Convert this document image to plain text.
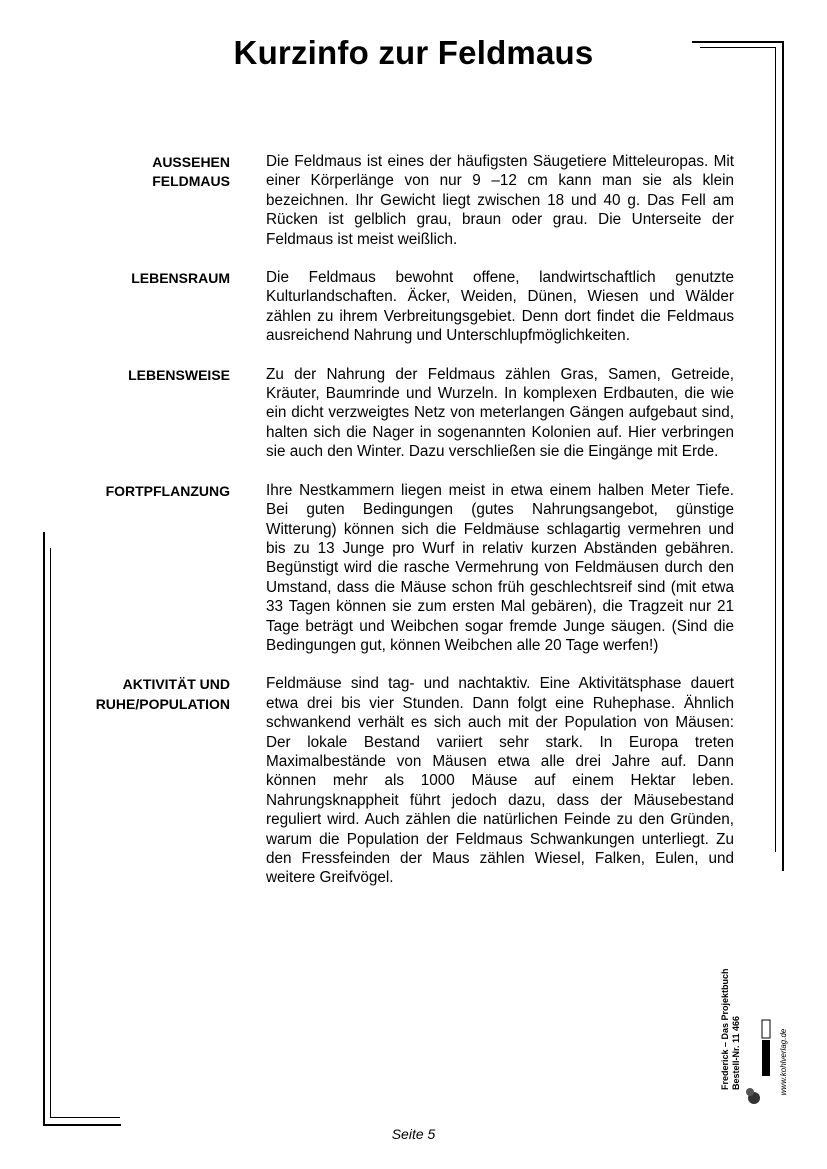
Kurzinfo zur Feldmaus
AUSSEHEN
FELDMAUS
Die Feldmaus ist eines der häufigsten Säugetiere Mitteleuropas. Mit einer Körperlänge von nur 9 –12 cm kann man sie als klein bezeichnen. Ihr Gewicht liegt zwischen 18 und 40 g. Das Fell am Rücken ist gelblich grau, braun oder grau. Die Unterseite der Feldmaus ist meist weißlich.
LEBENSRAUM Die Feldmaus bewohnt offene, landwirtschaftlich genutzte Kulturlandschaften. Äcker, Weiden, Dünen, Wiesen und Wälder zählen zu ihrem Verbreitungsgebiet. Denn dort findet die Feldmaus ausreichend Nahrung und Unterschlupfmöglichkeiten.
LEBENSWEISE Zu der Nahrung der Feldmaus zählen Gras, Samen, Getreide, Kräuter, Baumrinde und Wurzeln. In komplexen Erdbauten, die wie ein dicht verzweigtes Netz von meterlangen Gängen aufgebaut sind, halten sich die Nager in sogenannten Kolonien auf. Hier verbringen sie auch den Winter. Dazu verschließen sie die Eingänge mit Erde.
FORTPFLANZUNG Ihre Nestkammern liegen meist in etwa einem halben Meter Tiefe. Bei guten Bedingungen (gutes Nahrungsangebot, günstige Witterung) können sich die Feldmäuse schlagartig vermehren und bis zu 13 Junge pro Wurf in relativ kurzen Abständen gebähren. Begünstigt wird die rasche Vermehrung von Feldmäusen durch den Umstand, dass die Mäuse schon früh geschlechtsreif sind (mit etwa 33 Tagen können sie zum ersten Mal gebären), die Tragzeit nur 21 Tage beträgt und Weibchen sogar fremde Junge säugen. (Sind die Bedingungen gut, können Weibchen alle 20 Tage werfen!)
AKTIVITÄT UND
RUHE/POPULATION
Feldmäuse sind tag- und nachtaktiv. Eine Aktivitätsphase dauert etwa drei bis vier Stunden. Dann folgt eine Ruhephase. Ähnlich schwankend verhält es sich auch mit der Population von Mäusen: Der lokale Bestand variiert sehr stark. In Europa treten Maximalbestände von Mäusen etwa alle drei Jahre auf. Dann können mehr als 1000 Mäuse auf einem Hektar leben. Nahrungsknappheit führt jedoch dazu, dass der Mäusebestand reguliert wird. Auch zählen die natürlichen Feinde zu den Gründen, warum die Population der Feldmaus Schwankungen unterliegt. Zu den Fressfeinden der Maus zählen Wiesel, Falken, Eulen, und weitere Greifvögel.
Frederick – Das Projektbuch Bestell-Nr. 11 466	www.kohlverlag.de
Seite 5
